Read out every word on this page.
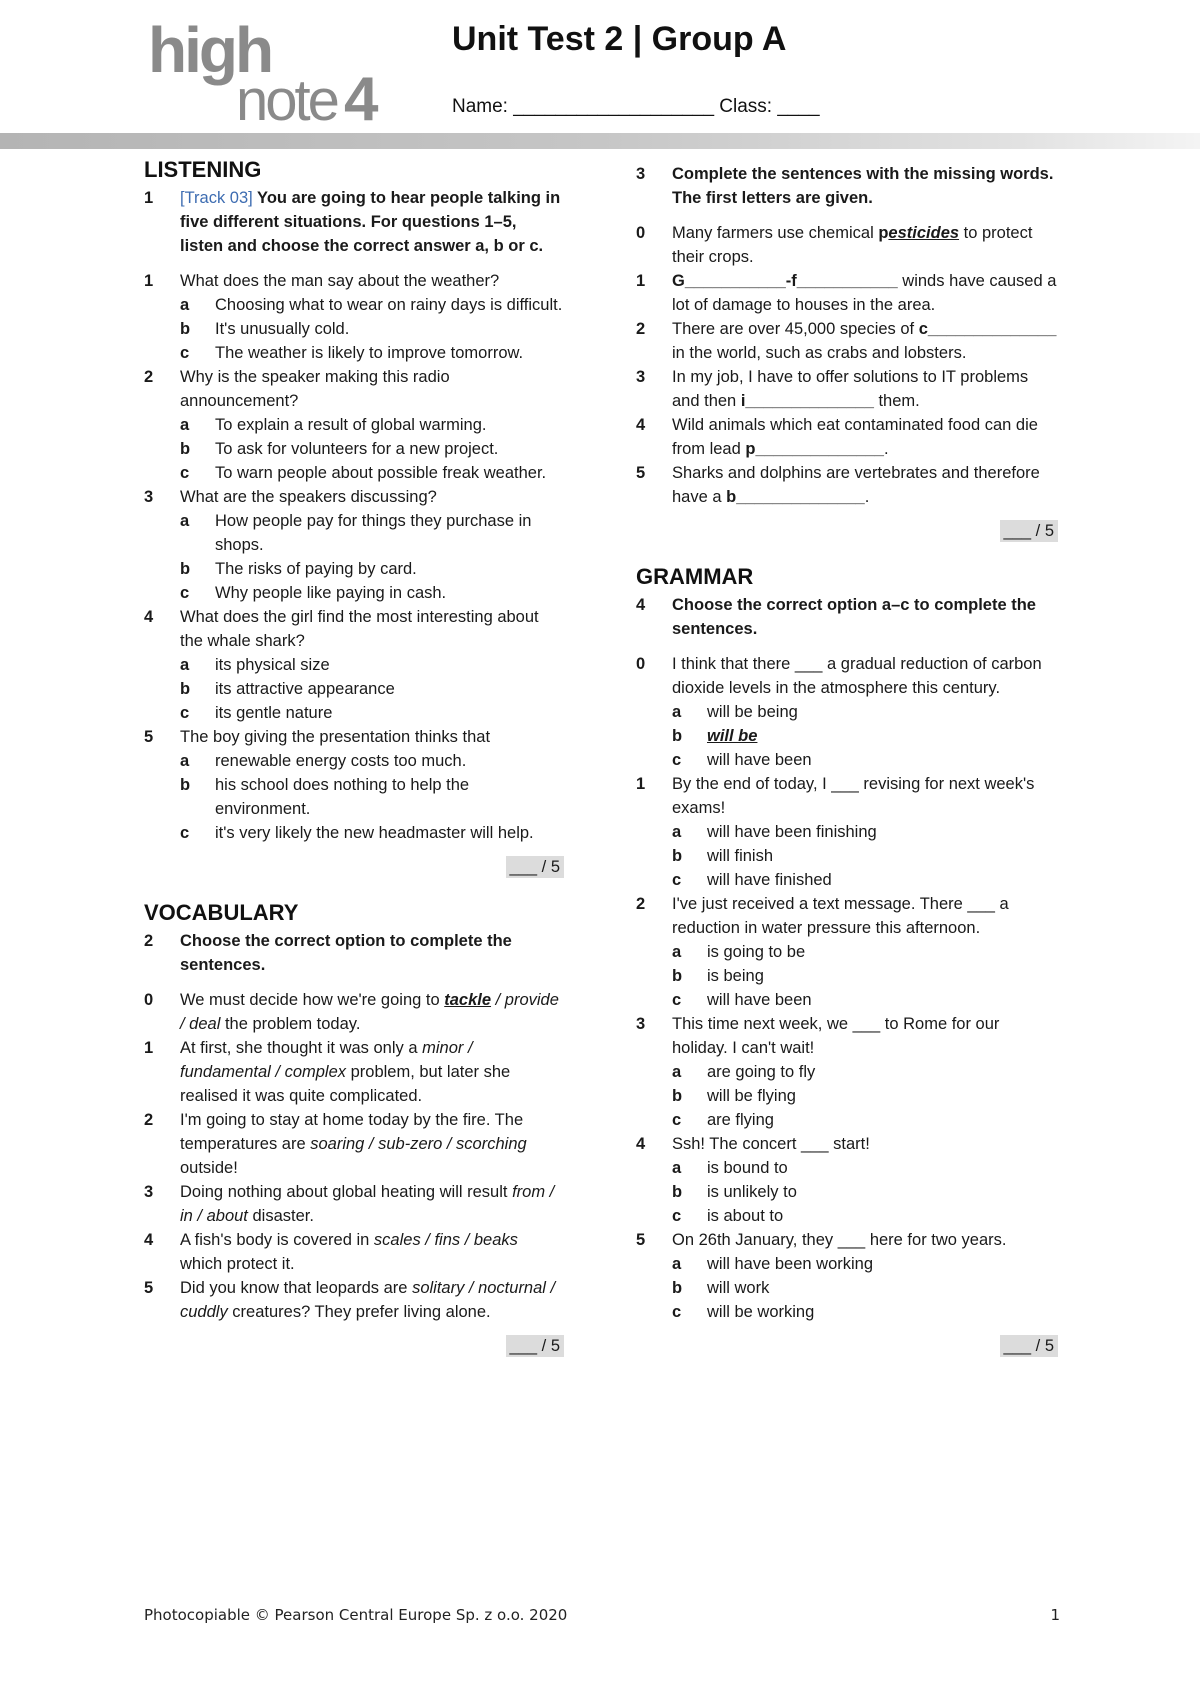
high
note 4
Unit Test 2 | Group A
Name: ___________________ Class: ____
LISTENING
1 [Track 03] You are going to hear people talking in five different situations. For questions 1–5, listen and choose the correct answer a, b or c.
1 What does the man say about the weather?
a Choosing what to wear on rainy days is difficult.
b It's unusually cold.
c The weather is likely to improve tomorrow.
2 Why is the speaker making this radio announcement?
a To explain a result of global warming.
b To ask for volunteers for a new project.
c To warn people about possible freak weather.
3 What are the speakers discussing?
a How people pay for things they purchase in shops.
b The risks of paying by card.
c Why people like paying in cash.
4 What does the girl find the most interesting about the whale shark?
a its physical size
b its attractive appearance
c its gentle nature
5 The boy giving the presentation thinks that
a renewable energy costs too much.
b his school does nothing to help the environment.
c it's very likely the new headmaster will help.
___ / 5
VOCABULARY
2 Choose the correct option to complete the sentences.
0 We must decide how we're going to tackle / provide / deal the problem today.
1 At first, she thought it was only a minor / fundamental / complex problem, but later she realised it was quite complicated.
2 I'm going to stay at home today by the fire. The temperatures are soaring / sub-zero / scorching outside!
3 Doing nothing about global heating will result from / in / about disaster.
4 A fish's body is covered in scales / fins / beaks which protect it.
5 Did you know that leopards are solitary / nocturnal / cuddly creatures? They prefer living alone.
___ / 5
3 Complete the sentences with the missing words. The first letters are given.
0 Many farmers use chemical pesticides to protect their crops.
1 G___________-f___________ winds have caused a lot of damage to houses in the area.
2 There are over 45,000 species of c______________ in the world, such as crabs and lobsters.
3 In my job, I have to offer solutions to IT problems and then i______________ them.
4 Wild animals which eat contaminated food can die from lead p______________.
5 Sharks and dolphins are vertebrates and therefore have a b______________.
___ / 5
GRAMMAR
4 Choose the correct option a–c to complete the sentences.
0 I think that there ___ a gradual reduction of carbon dioxide levels in the atmosphere this century.
a will be being
b will be
c will have been
1 By the end of today, I ___ revising for next week's exams!
a will have been finishing
b will finish
c will have finished
2 I've just received a text message. There ___ a reduction in water pressure this afternoon.
a is going to be
b is being
c will have been
3 This time next week, we ___ to Rome for our holiday. I can't wait!
a are going to fly
b will be flying
c are flying
4 Ssh! The concert ___ start!
a is bound to
b is unlikely to
c is about to
5 On 26th January, they ___ here for two years.
a will have been working
b will work
c will be working
___ / 5
Photocopiable © Pearson Central Europe Sp. z o.o. 2020	1
